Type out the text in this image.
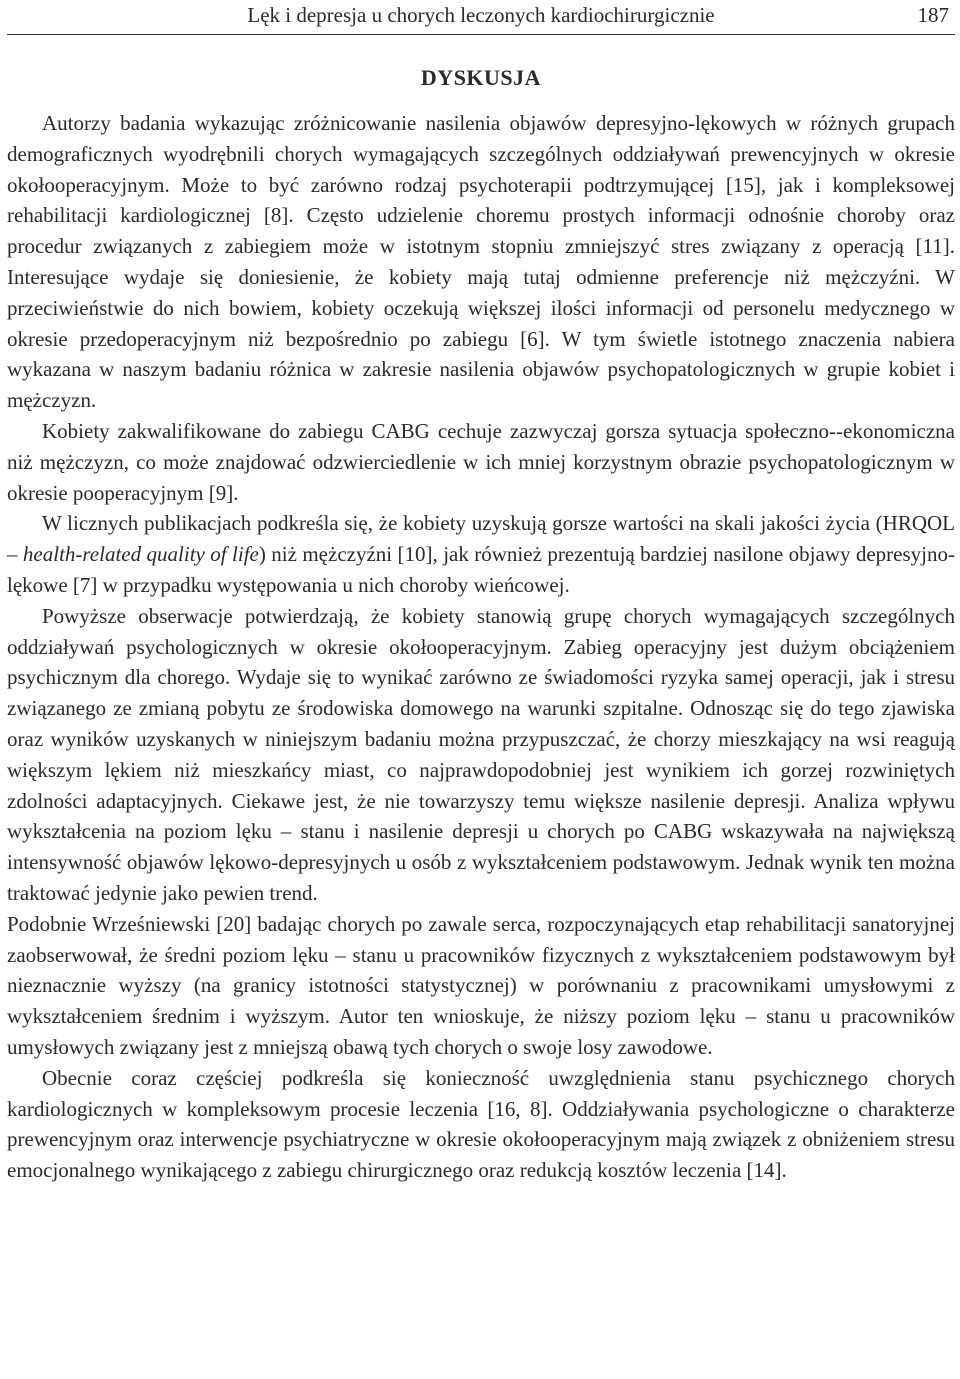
Lęk i depresja u chorych leczonych kardiochirurgicznie	187
DYSKUSJA

Autorzy badania wykazując zróżnicowanie nasilenia objawów depresyjno-lękowych w różnych grupach demograficznych wyodrębnili chorych wymagających szczególnych oddziaływań prewencyjnych w okresie okołooperacyjnym. Może to być zarówno rodzaj psychoterapii podtrzymującej [15], jak i kompleksowej rehabilitacji kardiologicznej [8]. Często udzielenie choremu prostych informacji odnośnie choroby oraz procedur związanych z zabiegiem może w istotnym stopniu zmniejszyć stres związany z operacją [11]. Interesujące wydaje się doniesienie, że kobiety mają tutaj odmienne preferencje niż mężczyźni. W przeciwieństwie do nich bowiem, kobiety oczekują większej ilości informacji od personelu medycznego w okresie przedoperacyjnym niż bezpośrednio po zabiegu [6]. W tym świetle istotnego znaczenia nabiera wykazana w naszym badaniu różnica w zakresie nasilenia objawów psychopatologicznych w grupie kobiet i mężczyzn.

Kobiety zakwalifikowane do zabiegu CABG cechuje zazwyczaj gorsza sytuacja społeczno--ekonomiczna niż mężczyzn, co może znajdować odzwierciedlenie w ich mniej korzystnym obrazie psychopatologicznym w okresie pooperacyjnym [9].

W licznych publikacjach podkreśla się, że kobiety uzyskują gorsze wartości na skali jakości życia (HRQOL – health-related quality of life) niż mężczyźni [10], jak również prezentują bardziej nasilone objawy depresyjno-lękowe [7] w przypadku występowania u nich choroby wieńcowej.

Powyższe obserwacje potwierdzają, że kobiety stanowią grupę chorych wymagających szczególnych oddziaływań psychologicznych w okresie okołooperacyjnym. Zabieg operacyjny jest dużym obciążeniem psychicznym dla chorego. Wydaje się to wynikać zarówno ze świadomości ryzyka samej operacji, jak i stresu związanego ze zmianą pobytu ze środowiska domowego na warunki szpitalne. Odnosząc się do tego zjawiska oraz wyników uzyskanych w niniejszym badaniu można przypuszczać, że chorzy mieszkający na wsi reagują większym lękiem niż mieszkańcy miast, co najprawdopodobniej jest wynikiem ich gorzej rozwiniętych zdolności adaptacyjnych. Ciekawe jest, że nie towarzyszy temu większe nasilenie depresji. Analiza wpływu wykształcenia na poziom lęku – stanu i nasilenie depresji u chorych po CABG wskazywała na największą intensywność objawów lękowo-depresyjnych u osób z wykształceniem podstawowym. Jednak wynik ten można traktować jedynie jako pewien trend.

Podobnie Wrześniewski [20] badając chorych po zawale serca, rozpoczynających etap rehabilitacji sanatoryjnej zaobserwował, że średni poziom lęku – stanu u pracowników fizycznych z wykształceniem podstawowym był nieznacznie wyższy (na granicy istotności statystycznej) w porównaniu z pracownikami umysłowymi z wykształceniem średnim i wyższym. Autor ten wnioskuje, że niższy poziom lęku – stanu u pracowników umysłowych związany jest z mniejszą obawą tych chorych o swoje losy zawodowe.

Obecnie coraz częściej podkreśla się konieczność uwzględnienia stanu psychicznego chorych kardiologicznych w kompleksowym procesie leczenia [16, 8]. Oddziaływania psychologiczne o charakterze prewencyjnym oraz interwencje psychiatryczne w okresie okołooperacyjnym mają związek z obniżeniem stresu emocjonalnego wynikającego z zabiegu chirurgicznego oraz redukcją kosztów leczenia [14].
